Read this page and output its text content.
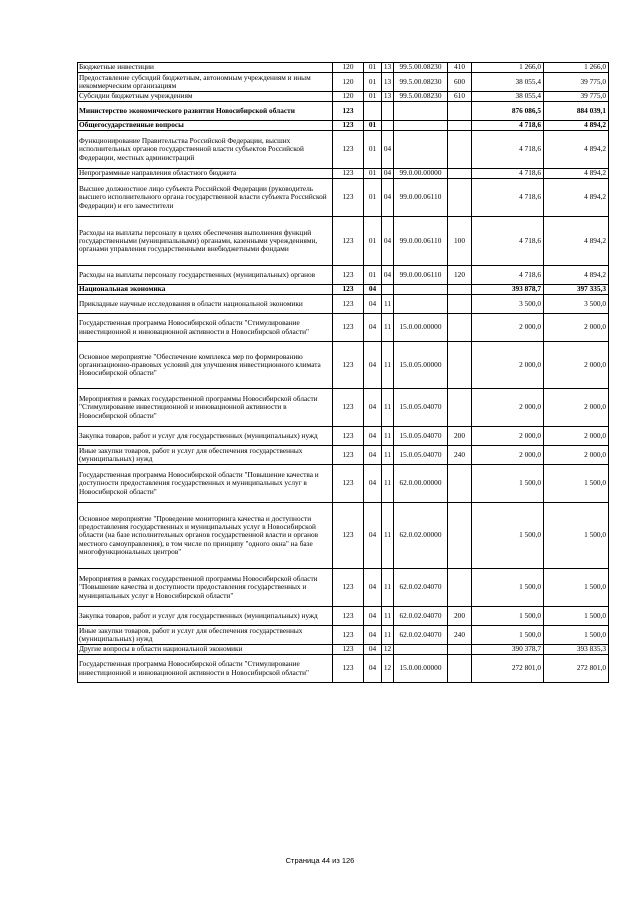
Бюджетные инвестиции	120	01	13	99.5.00.08230	410	1 266,0	1 266,0
Предоставление субсидий бюджетным, автономным учреждениям и иным некоммерческим организациям	120	01	13	99.5.00.08230	600	38 055,4	39 775,0
Субсидии бюджетным учреждениям	120	01	13	99.5.00.08230	610	38 055,4	39 775,0
Министерство экономического развития Новосибирской области	123					876 086,5	884 039,1
Общегосударственные вопросы	123	01				4 718,6	4 894,2
Функционирование Правительства Российской Федерации, высших исполнительных органов государственной власти субъектов Российской Федерации, местных администраций	123	01	04			4 718,6	4 894,2
Непрограммные направления областного бюджета	123	01	04	99.0.00.00000		4 718,6	4 894,2
Высшее должностное лицо субъекта Российской Федерации (руководитель высшего исполнительного органа государственной власти субъекта Российской Федерации) и его заместители	123	01	04	99.0.00.06110		4 718,6	4 894,2
Расходы на выплаты персоналу в целях обеспечения выполнения функций государственными (муниципальными) органами, казенными учреждениями, органами управления государственными внебюджетными фондами	123	01	04	99.0.00.06110	100	4 718,6	4 894,2
Расходы на выплаты персоналу государственных (муниципальных) органов	123	01	04	99.0.00.06110	120	4 718,6	4 894,2
Национальная экономика	123	04				393 878,7	397 335,3
Прикладные научные исследования в области национальной экономики	123	04	11			3 500,0	3 500,0
Государственная программа Новосибирской области "Стимулирование инвестиционной и инновационной активности в Новосибирской области"	123	04	11	15.0.00.00000		2 000,0	2 000,0
Основное мероприятие "Обеспечение комплекса мер по формированию организационно-правовых условий для улучшения инвестиционного климата Новосибирской области"	123	04	11	15.0.05.00000		2 000,0	2 000,0
Мероприятия в рамках государственной программы Новосибирской области "Стимулирование инвестиционной и инновационной активности в Новосибирской области"	123	04	11	15.0.05.04070		2 000,0	2 000,0
Закупка товаров, работ и услуг для государственных (муниципальных) нужд	123	04	11	15.0.05.04070	200	2 000,0	2 000,0
Иные закупки товаров, работ и услуг для обеспечения государственных (муниципальных) нужд	123	04	11	15.0.05.04070	240	2 000,0	2 000,0
Государственная программа Новосибирской области "Повышение качества и доступности предоставления государственных и муниципальных услуг в Новосибирской области"	123	04	11	62.0.00.00000		1 500,0	1 500,0
Основное мероприятие "Проведение мониторинга качества и доступности предоставления государственных и муниципальных услуг в Новосибирской области (на базе исполнительных органов государственной власти и органов местного самоуправления), в том числе по принципу "одного окна" на базе многофункциональных центров"	123	04	11	62.0.02.00000		1 500,0	1 500,0
Мероприятия в рамках государственной программы Новосибирской области "Повышение качества и доступности предоставления государственных и муниципальных услуг в Новосибирской области"	123	04	11	62.0.02.04070		1 500,0	1 500,0
Закупка товаров, работ и услуг для государственных (муниципальных) нужд	123	04	11	62.0.02.04070	200	1 500,0	1 500,0
Иные закупки товаров, работ и услуг для обеспечения государственных (муниципальных) нужд	123	04	11	62.0.02.04070	240	1 500,0	1 500,0
Другие вопросы в области национальной экономики	123	04	12			390 378,7	393 835,3
Государственная программа Новосибирской области "Стимулирование инвестиционной и инновационной активности в Новосибирской области"	123	04	12	15.0.00.00000		272 801,0	272 801,0
Страница 44 из 126
